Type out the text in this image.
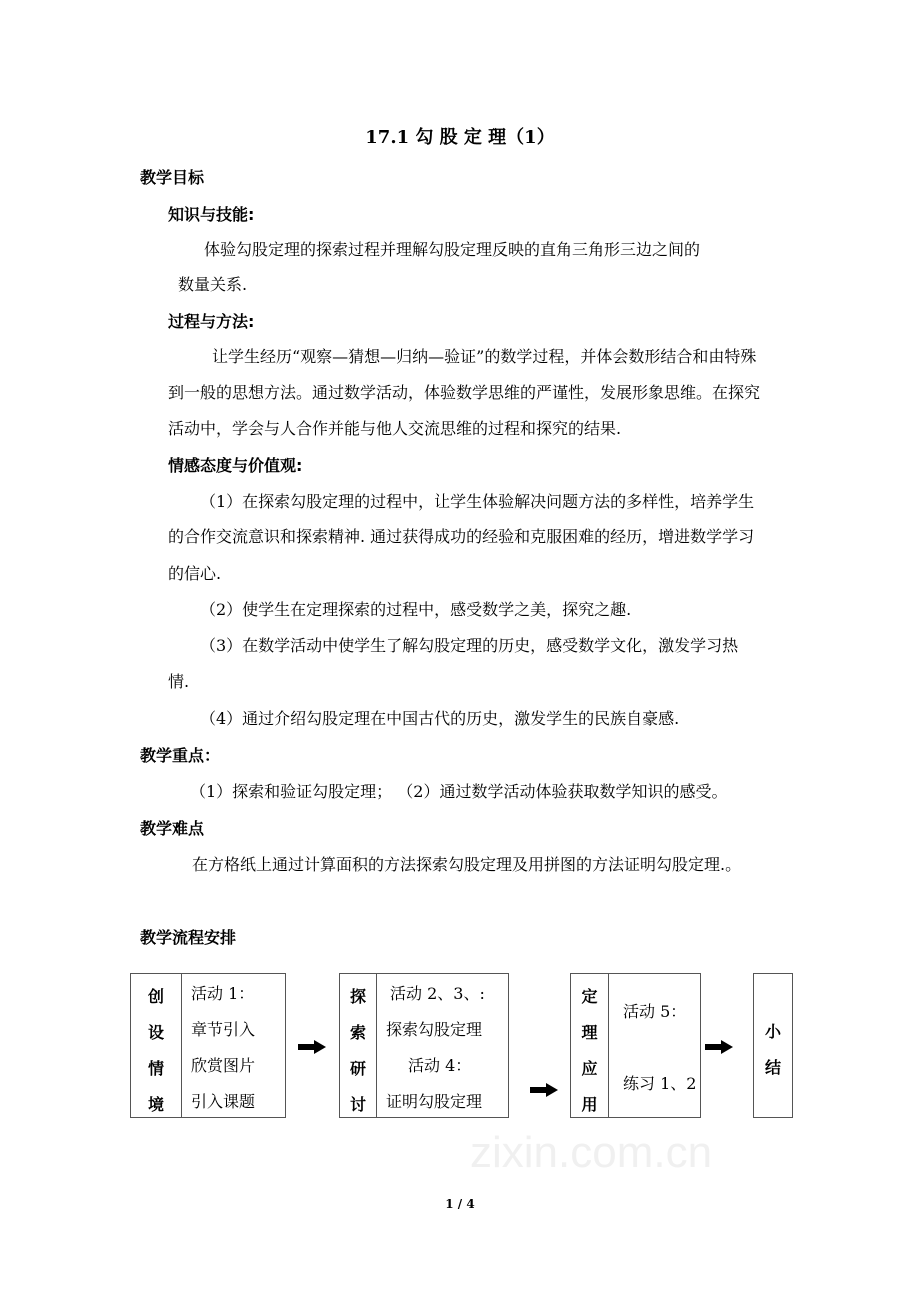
zixin.com.cn
17.1 勾 股 定 理（1）
教学目标
知识与技能:
体验勾股定理的探索过程并理解勾股定理反映的直角三角形三边之间的
数量关系.
过程与方法:
让学生经历“观察—猜想—归纳—验证”的数学过程，并体会数形结合和由特殊
到一般的思想方法。通过数学活动，体验数学思维的严谨性，发展形象思维。在探究
活动中，学会与人合作并能与他人交流思维的过程和探究的结果.
情感态度与价值观:
（1）在探索勾股定理的过程中，让学生体验解决问题方法的多样性，培养学生
的合作交流意识和探索精神. 通过获得成功的经验和克服困难的经历，增进数学学习
的信心.
（2）使学生在定理探索的过程中，感受数学之美，探究之趣.
（3）在数学活动中使学生了解勾股定理的历史，感受数学文化，激发学习热
情.
（4）通过介绍勾股定理在中国古代的历史，激发学生的民族自豪感.
教学重点：
（1）探索和验证勾股定理； （2）通过数学活动体验获取数学知识的感受。
教学难点
在方格纸上通过计算面积的方法探索勾股定理及用拼图的方法证明勾股定理.。
教学流程安排
创
设
情
境
活动 1：
章节引入
欣赏图片
引入课题
探
索
研
讨
活动 2、3、:
探索勾股定理
活动 4：
证明勾股定理
定
理
应
用
活动 5：
练习 1、2
小
结
1 / 4
